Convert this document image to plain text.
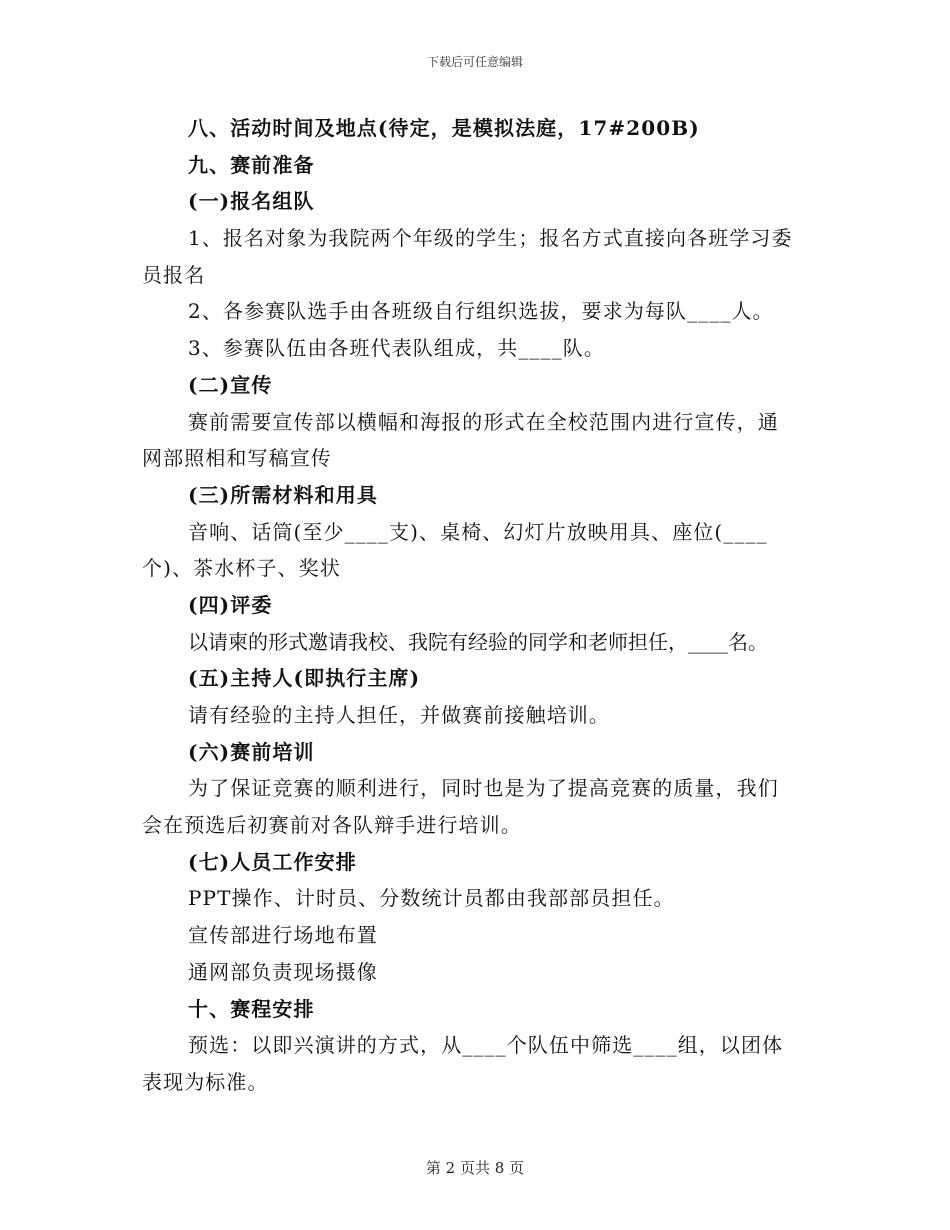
下载后可任意编辑
八、活动时间及地点(待定，是模拟法庭，17#200B)
九、赛前准备
(一)报名组队
1、报名对象为我院两个年级的学生；报名方式直接向各班学习委
员报名
2、各参赛队选手由各班级自行组织选拔，要求为每队____人。
3、参赛队伍由各班代表队组成，共____队。
(二)宣传
赛前需要宣传部以横幅和海报的形式在全校范围内进行宣传，通
网部照相和写稿宣传
(三)所需材料和用具
音响、话筒(至少____支)、桌椅、幻灯片放映用具、座位(____
个)、茶水杯子、奖状
(四)评委
以请柬的形式邀请我校、我院有经验的同学和老师担任，____名。
(五)主持人(即执行主席)
请有经验的主持人担任，并做赛前接触培训。
(六)赛前培训
为了保证竞赛的顺利进行，同时也是为了提高竞赛的质量，我们
会在预选后初赛前对各队辩手进行培训。
(七)人员工作安排
PPT操作、计时员、分数统计员都由我部部员担任。
宣传部进行场地布置
通网部负责现场摄像
十、赛程安排
预选：以即兴演讲的方式，从____个队伍中筛选____组，以团体
表现为标准。
第 2 页共 8 页
